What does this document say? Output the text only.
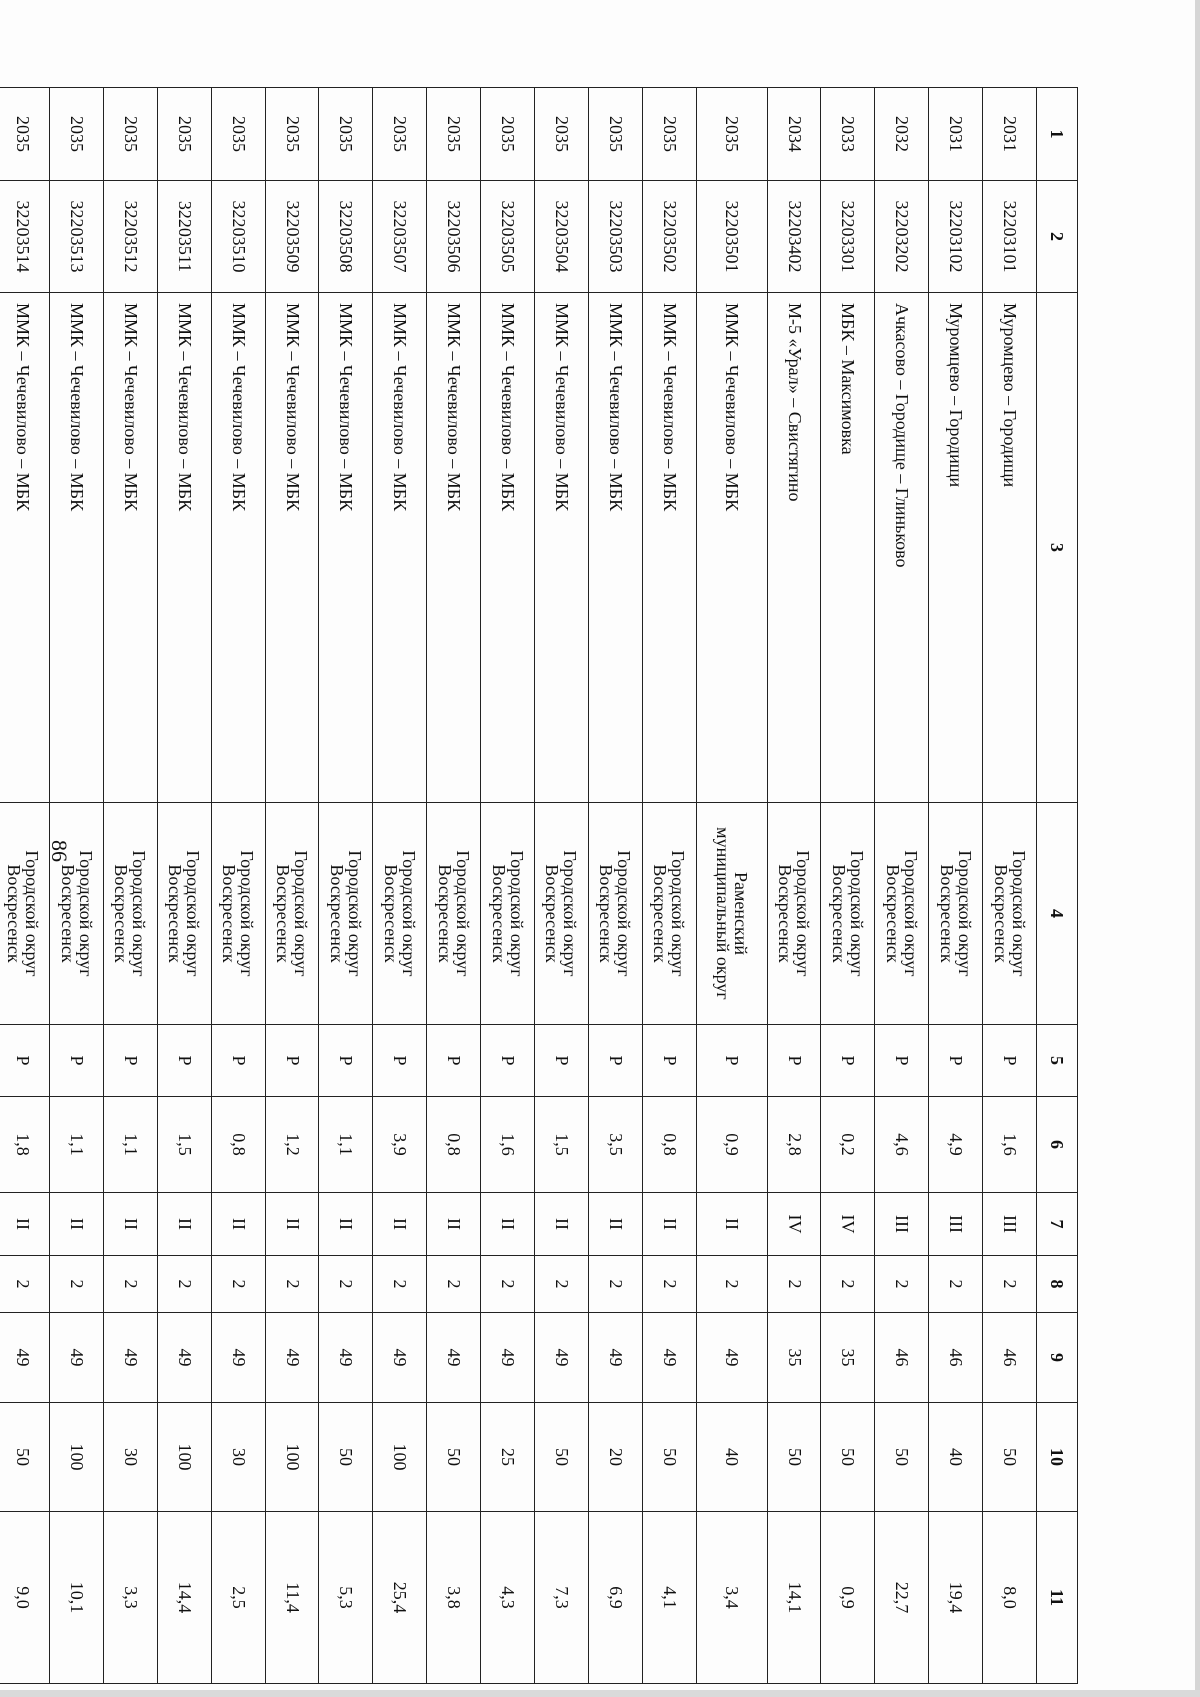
86
1	2	3	4	5	6	7	8	9	10	11
2031	32203101	Муромцево – Городищи	Городской округ Воскресенск	Р	1,6	III	2	46	50	8,0
2031	32203102	Муромцево – Городищи	Городской округ Воскресенск	Р	4,9	III	2	46	40	19,4
2032	32203202	Ачкасово – Городище – Глиньково	Городской округ Воскресенск	Р	4,6	III	2	46	50	22,7
2033	32203301	МБК – Максимовка	Городской округ Воскресенск	Р	0,2	IV	2	35	50	0,9
2034	32203402	М-5 «Урал» – Свистягино	Городской округ Воскресенск	Р	2,8	IV	2	35	50	14,1
2035	32203501	ММК – Чечевилово – МБК	Раменский муниципальный округ	Р	0,9	II	2	49	40	3,4
2035	32203502	ММК – Чечевилово – МБК	Городской округ Воскресенск	Р	0,8	II	2	49	50	4,1
2035	32203503	ММК – Чечевилово – МБК	Городской округ Воскресенск	Р	3,5	II	2	49	20	6,9
2035	32203504	ММК – Чечевилово – МБК	Городской округ Воскресенск	Р	1,5	II	2	49	50	7,3
2035	32203505	ММК – Чечевилово – МБК	Городской округ Воскресенск	Р	1,6	II	2	49	25	4,3
2035	32203506	ММК – Чечевилово – МБК	Городской округ Воскресенск	Р	0,8	II	2	49	50	3,8
2035	32203507	ММК – Чечевилово – МБК	Городской округ Воскресенск	Р	3,9	II	2	49	100	25,4
2035	32203508	ММК – Чечевилово – МБК	Городской округ Воскресенск	Р	1,1	II	2	49	50	5,3
2035	32203509	ММК – Чечевилово – МБК	Городской округ Воскресенск	Р	1,2	II	2	49	100	11,4
2035	32203510	ММК – Чечевилово – МБК	Городской округ Воскресенск	Р	0,8	II	2	49	30	2,5
2035	32203511	ММК – Чечевилово – МБК	Городской округ Воскресенск	Р	1,5	II	2	49	100	14,4
2035	32203512	ММК – Чечевилово – МБК	Городской округ Воскресенск	Р	1,1	II	2	49	30	3,3
2035	32203513	ММК – Чечевилово – МБК	Городской округ Воскресенск	Р	1,1	II	2	49	100	10,1
2035	32203514	ММК – Чечевилово – МБК	Городской округ Воскресенск	Р	1,8	II	2	49	50	9,0
